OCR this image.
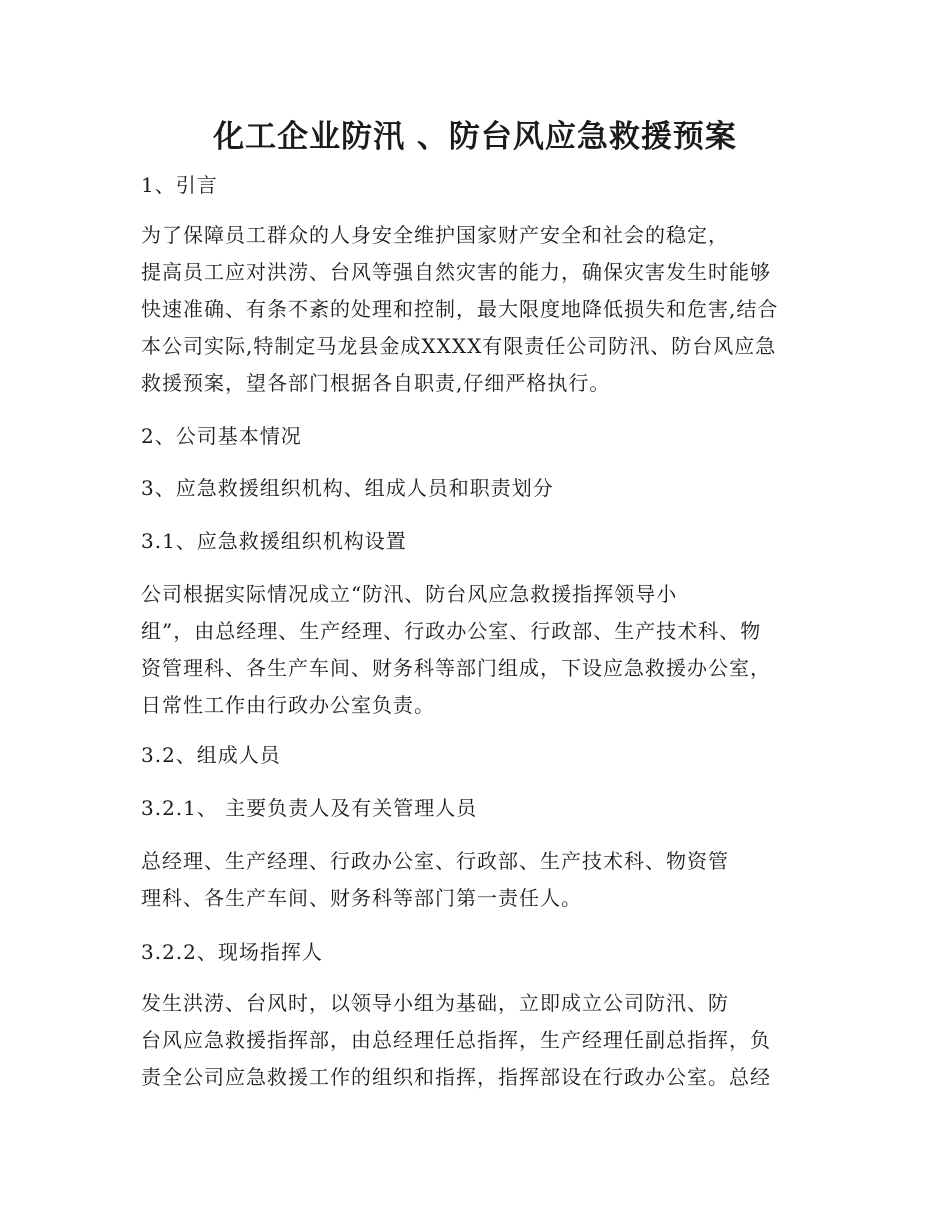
化工企业防汛 、防台风应急救援预案
1、引言
为了保障员工群众的人身安全维护国家财产安全和社会的稳定，
提高员工应对洪涝、台风等强自然灾害的能力，确保灾害发生时能够
快速准确、有条不紊的处理和控制，最大限度地降低损失和危害,结合
本公司实际,特制定马龙县金成XXXX有限责任公司防汛、防台风应急
救援预案，望各部门根据各自职责,仔细严格执行。
2、公司基本情况
3、应急救援组织机构、组成人员和职责划分
3.1、应急救援组织机构设置
公司根据实际情况成立“防汛、防台风应急救援指挥领导小
组”，由总经理、生产经理、行政办公室、行政部、生产技术科、物
资管理科、各生产车间、财务科等部门组成，下设应急救援办公室，
日常性工作由行政办公室负责。
3.2、组成人员
3.2.1、 主要负责人及有关管理人员
总经理、生产经理、行政办公室、行政部、生产技术科、物资管
理科、各生产车间、财务科等部门第一责任人。
3.2.2、现场指挥人
发生洪涝、台风时，以领导小组为基础，立即成立公司防汛、防
台风应急救援指挥部，由总经理任总指挥，生产经理任副总指挥，负
责全公司应急救援工作的组织和指挥，指挥部设在行政办公室。总经
